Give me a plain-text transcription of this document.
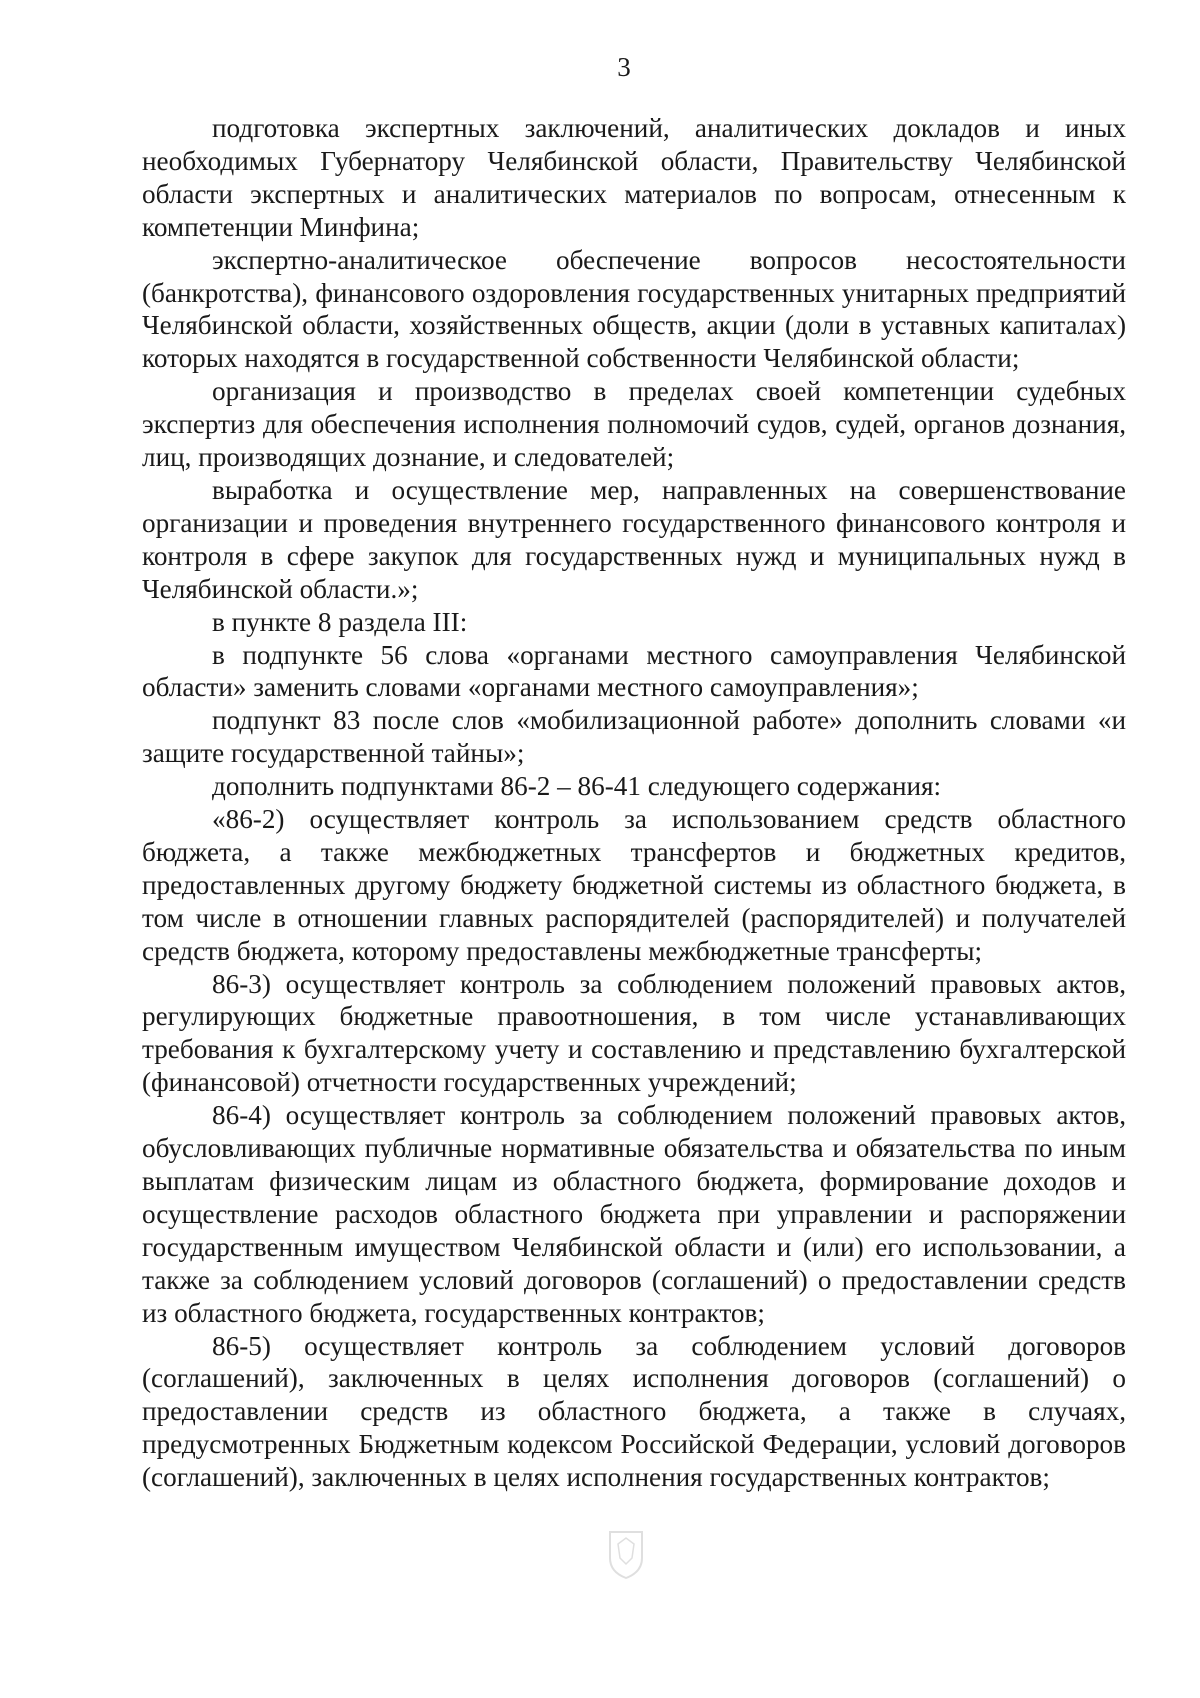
3

подготовка экспертных заключений, аналитических докладов и иных необходимых Губернатору Челябинской области, Правительству Челябинской области экспертных и аналитических материалов по вопросам, отнесенным к компетенции Минфина;

экспертно-аналитическое обеспечение вопросов несостоятельности (банкротства), финансового оздоровления государственных унитарных предприятий Челябинской области, хозяйственных обществ, акции (доли в уставных капиталах) которых находятся в государственной собственности Челябинской области;

организация и производство в пределах своей компетенции судебных экспертиз для обеспечения исполнения полномочий судов, судей, органов дознания, лиц, производящих дознание, и следователей;

выработка и осуществление мер, направленных на совершенствование организации и проведения внутреннего государственного финансового контроля и контроля в сфере закупок для государственных нужд и муниципальных нужд в Челябинской области.»;

в пункте 8 раздела III:

в подпункте 56 слова «органами местного самоуправления Челябинской области» заменить словами «органами местного самоуправления»;

подпункт 83 после слов «мобилизационной работе» дополнить словами «и защите государственной тайны»;

дополнить подпунктами 86-2 – 86-41 следующего содержания:

«86-2) осуществляет контроль за использованием средств областного бюджета, а также межбюджетных трансфертов и бюджетных кредитов, предоставленных другому бюджету бюджетной системы из областного бюджета, в том числе в отношении главных распорядителей (распорядителей) и получателей средств бюджета, которому предоставлены межбюджетные трансферты;

86-3) осуществляет контроль за соблюдением положений правовых актов, регулирующих бюджетные правоотношения, в том числе устанавливающих требования к бухгалтерскому учету и составлению и представлению бухгалтерской (финансовой) отчетности государственных учреждений;

86-4) осуществляет контроль за соблюдением положений правовых актов, обусловливающих публичные нормативные обязательства и обязательства по иным выплатам физическим лицам из областного бюджета, формирование доходов и осуществление расходов областного бюджета при управлении и распоряжении государственным имуществом Челябинской области и (или) его использовании, а также за соблюдением условий договоров (соглашений) о предоставлении средств из областного бюджета, государственных контрактов;

86-5) осуществляет контроль за соблюдением условий договоров (соглашений), заключенных в целях исполнения договоров (соглашений) о предоставлении средств из областного бюджета, а также в случаях, предусмотренных Бюджетным кодексом Российской Федерации, условий договоров (соглашений), заключенных в целях исполнения государственных контрактов;
